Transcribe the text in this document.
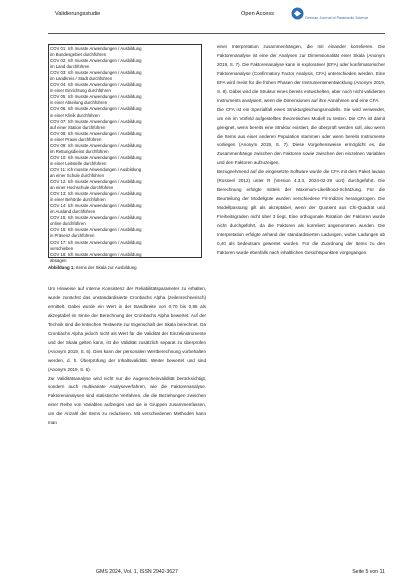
Validierungsstudie	Open Access
German Journal of Paramedic Science
COV 01: Ich musste Anwendungen / Ausbildung
im Bundesgebiet durchführen
COV 02: Ich musste Anwendungen / Ausbildung
im Land durchführen
COV 03: Ich musste Anwendungen / Ausbildung
im Landkreis / Stadt durchführen
COV 04: Ich musste Anwendungen / Ausbildung
in einer Einrichtung durchführen
COV 05: Ich musste Anwendungen / Ausbildung
in einer Abteilung durchführen
COV 06: Ich musste Anwendungen / Ausbildung
in einer Klinik durchführen
COV 07: Ich musste Anwendungen / Ausbildung
auf einer Station durchführen
COV 08: Ich musste Anwendungen / Ausbildung
in einer Praxis durchführen
COV 09: Ich musste Anwendungen / Ausbildung
im Rettungsdienst durchführen
COV 10: Ich musste Anwendungen / Ausbildung
in einer Leitstelle durchführen
COV 11: Ich musste Anwendungen / Ausbildung
an einer Schule durchführen
COV 12: Ich musste Anwendungen / Ausbildung
an einer Hochschule durchführen
COV 13: Ich musste Anwendungen / Ausbildung
in einer Behörde durchführen
COV 14: Ich musste Anwendungen / Ausbildung
im Ausland durchführen
COV 15: Ich musste Anwendungen / Ausbildung
online durchführen
COV 16: Ich musste Anwendungen / Ausbildung
in Präsenz durchführen
COV 17: Ich musste Anwendungen / Ausbildung
verschieben
COV 18: Ich musste Anwendungen / Ausbildung
absagen
Abbildung 1: Items der Skala zur Ausbildung

Um Hinweise auf interne Konsistenz der Reliabilitätsparameter zu erhalten, wurde zunächst das unstandardisierte Cronbachs Alpha (zeilenrechnerisch) ermittelt. Dabei wurde ein Wert in der Bandbreite von 0,70 bis 0,95 als akzeptabel im Sinne der Berechnung der Cronbachs Alpha bewertet. Auf der Technik sind die kritischen Testwerte zur Eigenschaft der Skala berechnet. Da Cronbachs Alpha jedoch nicht als Wert für die Validität der Einzelinstrumente und der Skala gelten kann, ist die Validität zusätzlich separat zu überprüfen (Anonym 2019, S. 6). Dies kann der personalen Wertberechnung vorbehalten werden, d. h. Überprüfung der Inhaltsvalidität. Weiter bewertet und sind (Anonym 2019, S. 6).

Zur Validitätsanalyse wird nicht nur die Augenscheinvalidität berücksichtigt, sondern auch multivariate Analyseverfahren, wie die Faktorenanalyse. Faktorenanalysen sind statistische Verfahren, die die Beziehungen zwischen einer Reihe von Variablen aufzeigen und sie in Gruppen zusammenfassen, um die Anzahl der Items zu reduzieren. Mit verschiedenen Methoden kann man

einer Interpretation zusammenhängen, die mit einander korrelieren. Die Faktorenanalyse ist eine der Analysen zur Dimensionalität einer Skala (Anonym 2019, S. 7). Die Faktorenanalyse kann in explorativer (EFA) oder konfirmatorischer Faktorenanalyse (Confirmatory Factor Analysis, CFA) unterschieden werden. Eine EFA wird meist für die frühen Phasen der Instrumentenentwicklung (Anonym 2019, S. 8). Dabei wird die Struktur eines bereits entwickelten, aber noch nicht validierten Instruments analysiert, wenn die Dimensionen auf ihre Annahmen und eine CFA.

Die CFA ist ein Spezialfall eines Strukturgleichungsmodells. Sie wird verwendet, um ein im Vorfeld aufgestelltes theoretisches Modell zu testen. Die CFA ist damit geeignet, wenn bereits eine Struktur existiert, die überprüft werden soll, also wenn die Items aus einer anderen Population stammen oder wenn bereits Instrumente vorliegen (Anonym 2019, S. 7). Diese Vorgehensweise ermöglicht es, die Zusammenhänge zwischen den Faktoren sowie zwischen den einzelnen Variablen und den Faktoren aufzuzeigen.

Bezugnehmend auf die eingesetzte Software wurde die CFA mit dem Paket lavaan (Rosseel 2012) unter R (Version 4.3.3, 2024-02-29 ucrt) durchgeführt. Die Berechnung erfolgte mittels der Maximum-Likelihood-Schätzung. Für die Beurteilung der Modellgüte wurden verschiedene Fit-Indizes herangezogen. Die Modellpassung gilt als akzeptabel, wenn der Quotient aus Chi-Quadrat und Freiheitsgraden nicht über 3 liegt. Eine orthogonale Rotation der Faktoren wurde nicht durchgeführt, da die Faktoren als korreliert angenommen wurden. Die Interpretation erfolgte anhand der standardisierten Ladungen, wobei Ladungen ab 0,40 als bedeutsam gewertet wurden. Für die Zuordnung der Items zu den Faktoren wurde ebenfalls nach inhaltlichen Gesichtspunkten vorgegangen.

GMS 2024, Vol. 1, ISSN 2942-3627	Seite 5 von 11
